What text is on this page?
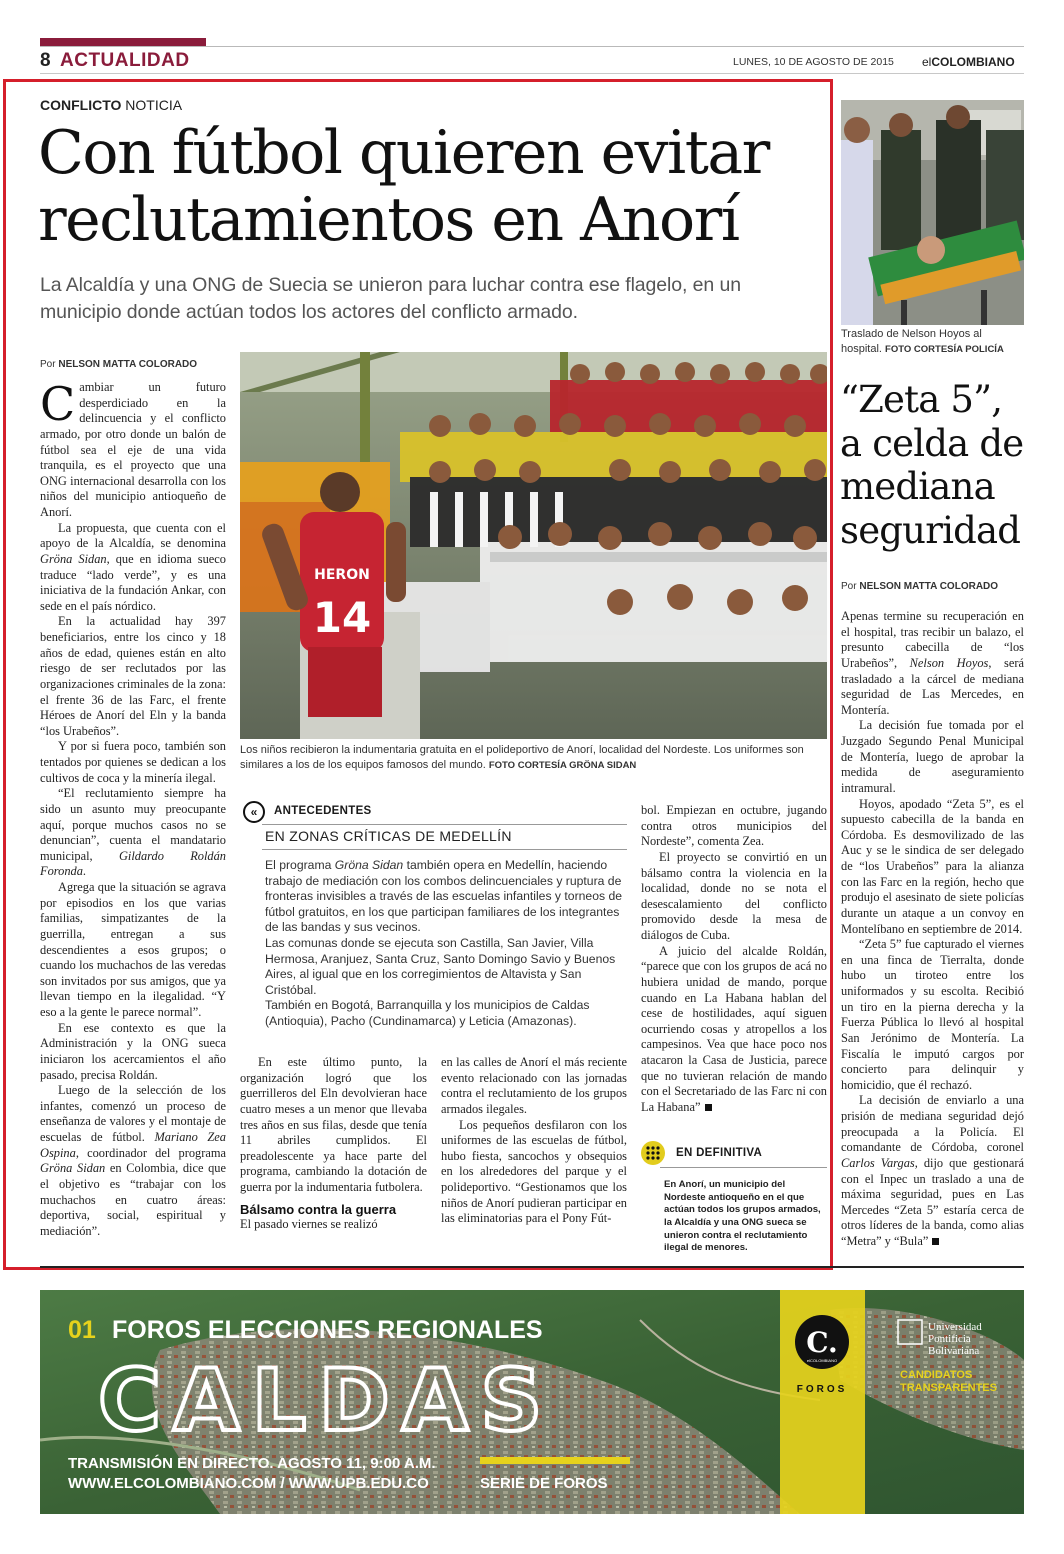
8 ACTUALIDAD	LUNES, 10 DE AGOSTO DE 2015 elCOLOMBIANO
CONFLICTO NOTICIA
Con fútbol quieren evitar reclutamientos en Anorí
La Alcaldía y una ONG de Suecia se unieron para luchar contra ese flagelo, en un municipio donde actúan todos los actores del conflicto armado.
Por NELSON MATTA COLORADO

Cambiar un futuro desperdiciado en la delincuencia y el conflicto armado, por otro donde un balón de fútbol sea el eje de una vida tranquila, es el proyecto que una ONG internacional desarrolla con los niños del municipio antioqueño de Anorí.

La propuesta, que cuenta con el apoyo de la Alcaldía, se denomina Gröna Sidan, que en idioma sueco traduce “lado verde”, y es una iniciativa de la fundación Ankar, con sede en el país nórdico.

En la actualidad hay 397 beneficiarios, entre los cinco y 18 años de edad, quienes están en alto riesgo de ser reclutados por las organizaciones criminales de la zona: el frente 36 de las Farc, el frente Héroes de Anorí del Eln y la banda “los Urabeños”.

Y por si fuera poco, también son tentados por quienes se dedican a los cultivos de coca y la minería ilegal.

“El reclutamiento siempre ha sido un asunto muy preocupante aquí, porque muchos casos no se denuncian”, cuenta el mandatario municipal, Gildardo Roldán Foronda.

Agrega que la situación se agrava por episodios en los que varias familias, simpatizantes de la guerrilla, entregan a sus descendientes a esos grupos; o cuando los muchachos de las veredas son invitados por sus amigos, que ya llevan tiempo en la ilegalidad. “Y eso a la gente le parece normal”.

En ese contexto es que la Administración y la ONG sueca iniciaron los acercamientos el año pasado, precisa Roldán.

Luego de la selección de los infantes, comenzó un proceso de enseñanza de valores y el montaje de escuelas de fútbol. Mariano Zea Ospina, coordinador del programa Gröna Sidan en Colombia, dice que el objetivo es “trabajar con los muchachos en cuatro áreas: deportiva, social, espiritual y mediación”.

HERON
14
Los niños recibieron la indumentaria gratuita en el polideportivo de Anorí, localidad del Nordeste. Los uniformes son similares a los de los equipos famosos del mundo. FOTO CORTESÍA GRÖNA SIDAN
«	ANTECEDENTES
EN ZONAS CRÍTICAS DE MEDELLÍN

El programa Gröna Sidan también opera en Medellín, haciendo trabajo de mediación con los combos delincuenciales y ruptura de fronteras invisibles a través de las escuelas infantiles y torneos de fútbol gratuitos, en los que participan familiares de los integrantes de las bandas y sus vecinos.

Las comunas donde se ejecuta son Castilla, San Javier, Villa Hermosa, Aranjuez, Santa Cruz, Santo Domingo Savio y Buenos Aires, al igual que en los corregimientos de Altavista y San Cristóbal.

También en Bogotá, Barranquilla y los municipios de Caldas (Antioquia), Pacho (Cundinamarca) y Leticia (Amazonas).

En este último punto, la organización logró que los guerrilleros del Eln devolvieran hace cuatro meses a un menor que llevaba tres años en sus filas, desde que tenía 11 abriles cumplidos. El preadolescente ya hace parte del programa, cambiando la dotación de guerra por la indumentaria futbolera.

Bálsamo contra la guerra

El pasado viernes se realizó

en las calles de Anorí el más reciente evento relacionado con las jornadas contra el reclutamiento de los grupos armados ilegales.

Los pequeños desfilaron con los uniformes de las escuelas de fútbol, hubo fiesta, sancochos y obsequios en los alrededores del parque y el polideportivo. “Gestionamos que los niños de Anorí pudieran participar en las eliminatorias para el Pony Fút-

bol. Empiezan en octubre, jugando contra otros municipios del Nordeste”, comenta Zea.

El proyecto se convirtió en un bálsamo contra la violencia en la localidad, donde no se nota el desescalamiento del conflicto promovido desde la mesa de diálogos de Cuba.

A juicio del alcalde Roldán, “parece que con los grupos de acá no hubiera unidad de mando, porque cuando en La Habana hablan del cese de hostilidades, aquí siguen ocurriendo cosas y atropellos a los campesinos. Vea que hace poco nos atacaron la Casa de Justicia, parece que no tuvieran relación de mando con el Secretariado de las Farc ni con La Habana”

EN DEFINITIVA
En Anorí, un municipio del Nordeste antioqueño en el que actúan todos los grupos armados, la Alcaldía y una ONG sueca se unieron contra el reclutamiento ilegal de menores.
Traslado de Nelson Hoyos al hospital. FOTO CORTESÍA POLICÍA
“Zeta 5”, a celda de mediana seguridad
Por NELSON MATTA COLORADO

Apenas termine su recuperación en el hospital, tras recibir un balazo, el presunto cabecilla de “los Urabeños”, Nelson Hoyos, será trasladado a la cárcel de mediana seguridad de Las Mercedes, en Montería.

La decisión fue tomada por el Juzgado Segundo Penal Municipal de Montería, luego de aprobar la medida de aseguramiento intramural.

Hoyos, apodado “Zeta 5”, es el supuesto cabecilla de la banda en Córdoba. Es desmovilizado de las Auc y se le sindica de ser delegado de “los Urabeños” para la alianza con las Farc en la región, hecho que produjo el asesinato de siete policías durante un ataque a un convoy en Montelíbano en septiembre de 2014.

“Zeta 5” fue capturado el viernes en una finca de Tierralta, donde hubo un tiroteo entre los uniformados y su escolta. Recibió un tiro en la pierna derecha y la Fuerza Pública lo llevó al hospital San Jerónimo de Montería. La Fiscalía le imputó cargos por concierto para delinquir y homicidio, que él rechazó.

La decisión de enviarlo a una prisión de mediana seguridad dejó preocupada a la Policía. El comandante de Córdoba, coronel Carlos Vargas, dijo que gestionará con el Inpec un traslado a una de máxima seguridad, pues en Las Mercedes “Zeta 5” estaría cerca de otros líderes de la banda, como alias “Metra” y “Bula”

01 FOROS ELECCIONES REGIONALES
CALDAS
TRANSMISIÓN EN DIRECTO. AGOSTO 11, 9:00 A.M.
WWW.ELCOLOMBIANO.COM / WWW.UPB.EDU.CO	SERIE DE FOROS
C.
elCOLOMBIANO
FOROS
Universidad
Pontificia
Bolivariana
CANDIDATOS
TRANSPARENTES
